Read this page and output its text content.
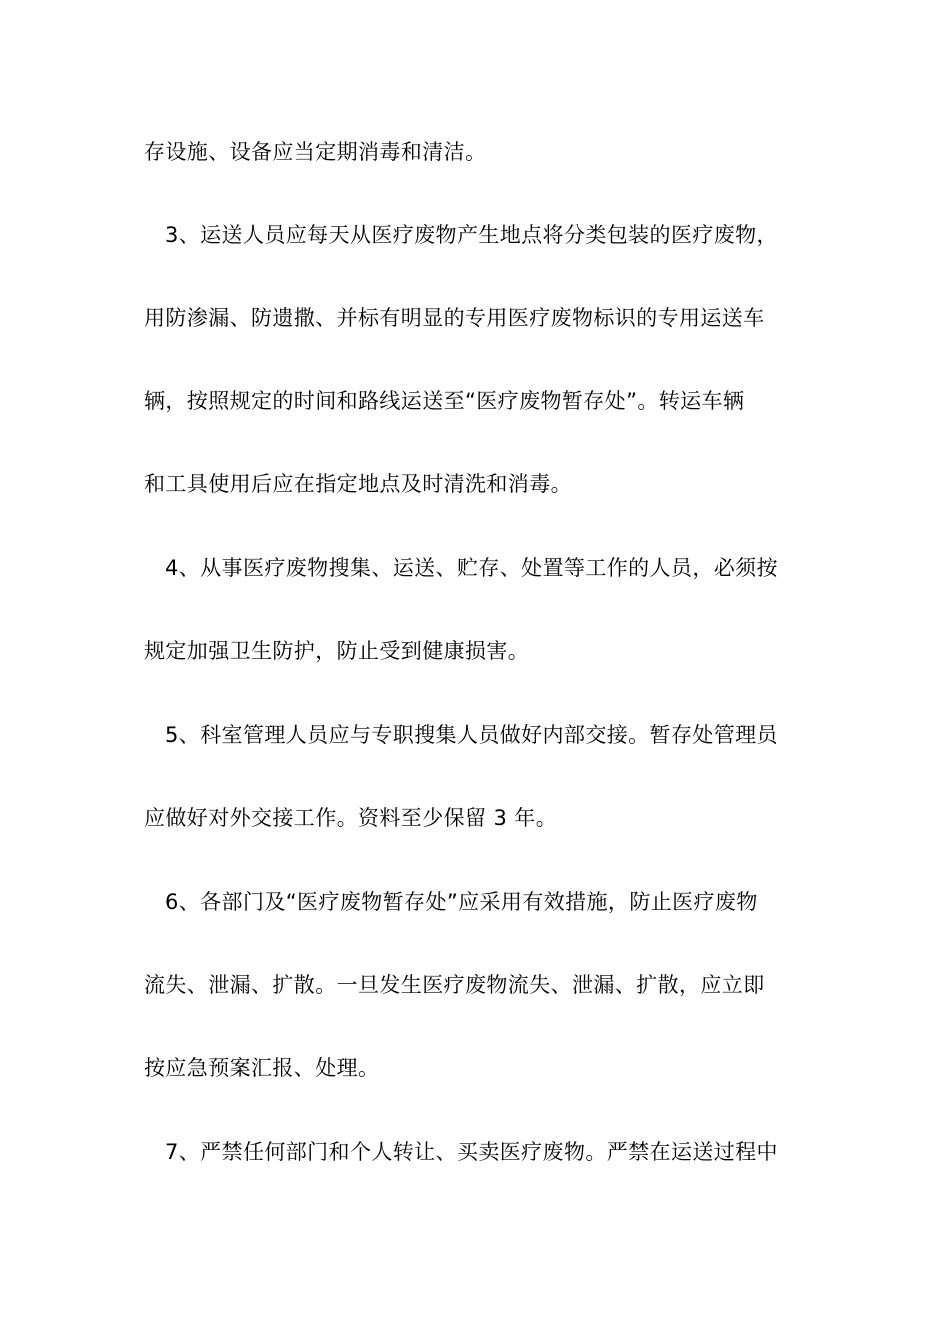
存设施、设备应当定期消毒和清洁。
3、运送人员应每天从医疗废物产生地点将分类包装的医疗废物，
用防渗漏、防遗撒、并标有明显的专用医疗废物标识的专用运送车
辆，按照规定的时间和路线运送至“医疗废物暂存处”。转运车辆
和工具使用后应在指定地点及时清洗和消毒。
4、从事医疗废物搜集、运送、贮存、处置等工作的人员，必须按
规定加强卫生防护，防止受到健康损害。
5、科室管理人员应与专职搜集人员做好内部交接。暂存处管理员
应做好对外交接工作。资料至少保留 3 年。
6、各部门及“医疗废物暂存处”应采用有效措施，防止医疗废物
流失、泄漏、扩散。一旦发生医疗废物流失、泄漏、扩散，应立即
按应急预案汇报、处理。
7、严禁任何部门和个人转让、买卖医疗废物。严禁在运送过程中
